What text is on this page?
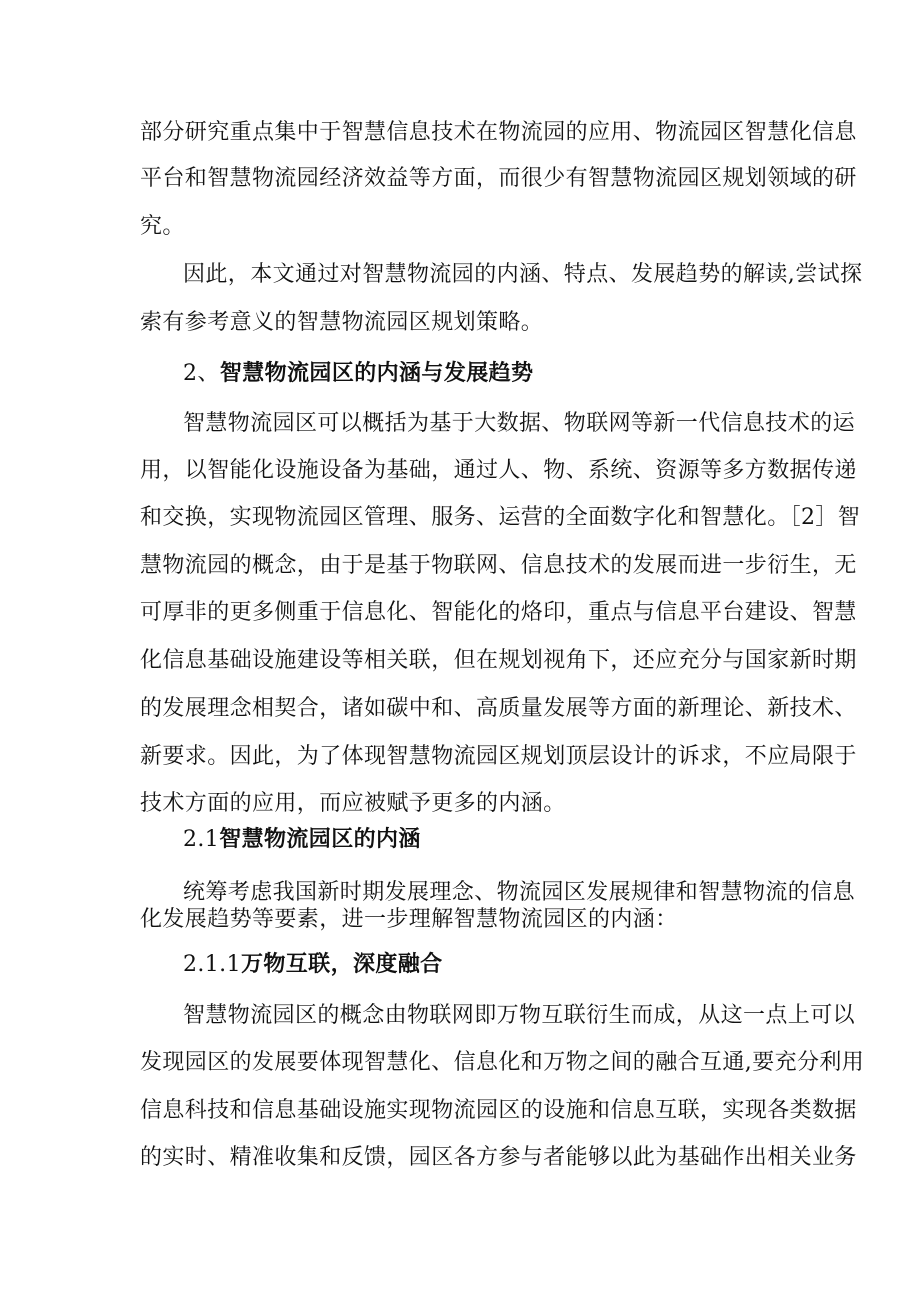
部分研究重点集中于智慧信息技术在物流园的应用、物流园区智慧化信息
平台和智慧物流园经济效益等方面，而很少有智慧物流园区规划领域的研
究。
因此，本文通过对智慧物流园的内涵、特点、发展趋势的解读,尝试探
索有参考意义的智慧物流园区规划策略。
2、智慧物流园区的内涵与发展趋势
智慧物流园区可以概括为基于大数据、物联网等新一代信息技术的运
用，以智能化设施设备为基础，通过人、物、系统、资源等多方数据传递
和交换，实现物流园区管理、服务、运营的全面数字化和智慧化。［2］智
慧物流园的概念，由于是基于物联网、信息技术的发展而进一步衍生，无
可厚非的更多侧重于信息化、智能化的烙印，重点与信息平台建设、智慧
化信息基础设施建设等相关联，但在规划视角下，还应充分与国家新时期
的发展理念相契合，诸如碳中和、高质量发展等方面的新理论、新技术、
新要求。因此，为了体现智慧物流园区规划顶层设计的诉求，不应局限于
技术方面的应用，而应被赋予更多的内涵。
2.1智慧物流园区的内涵
统筹考虑我国新时期发展理念、物流园区发展规律和智慧物流的信息
化发展趋势等要素，进一步理解智慧物流园区的内涵：
2.1.1万物互联，深度融合
智慧物流园区的概念由物联网即万物互联衍生而成，从这一点上可以
发现园区的发展要体现智慧化、信息化和万物之间的融合互通,要充分利用
信息科技和信息基础设施实现物流园区的设施和信息互联，实现各类数据
的实时、精准收集和反馈，园区各方参与者能够以此为基础作出相关业务
